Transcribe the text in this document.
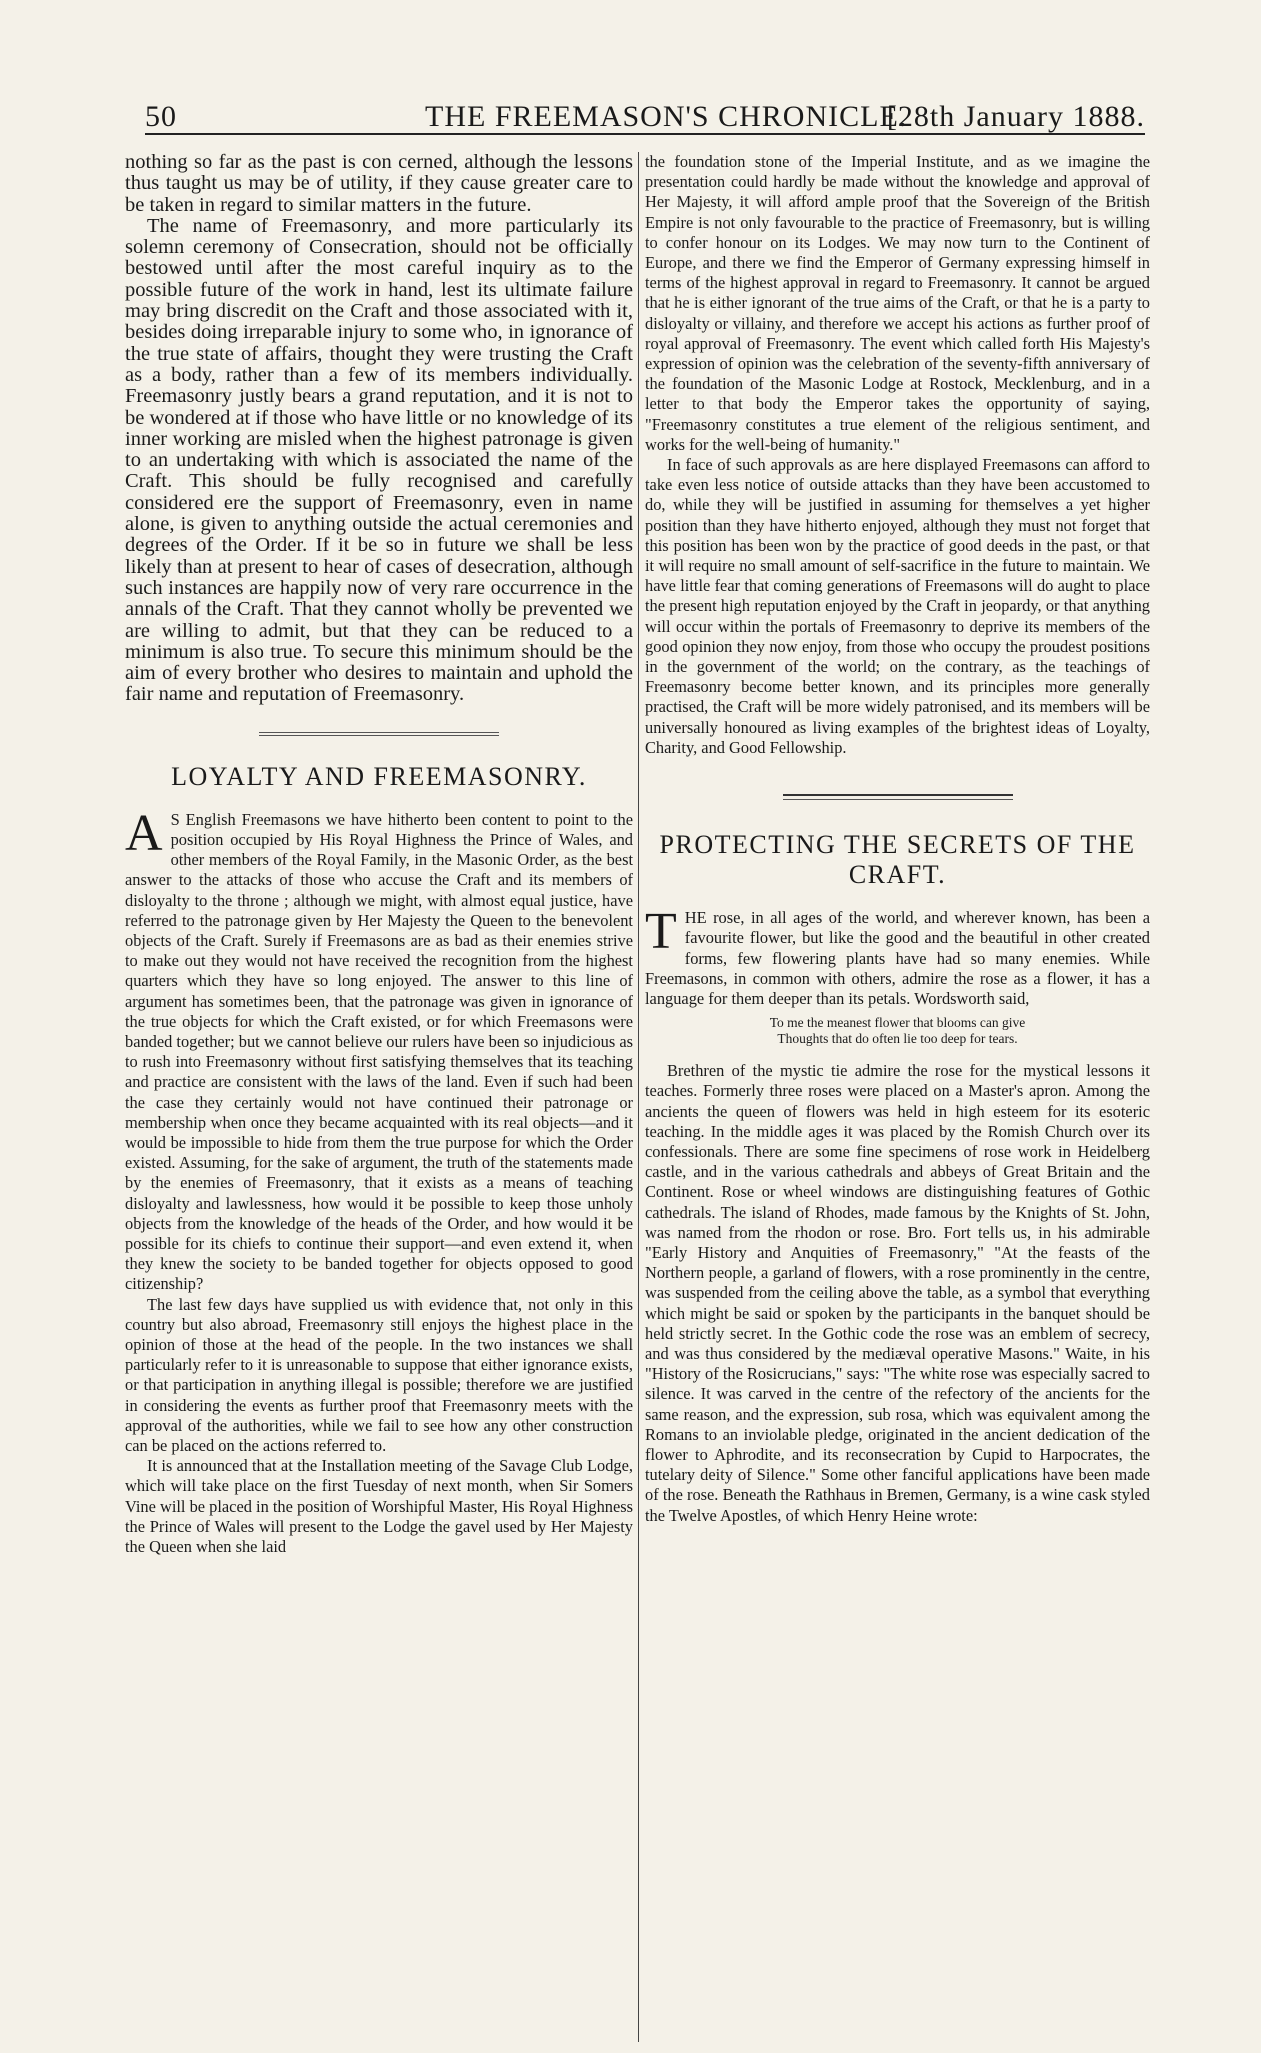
50	THE FREEMASON'S CHRONICLE.
[28th January 1888.

nothing so far as the past is con cerned, although the lessons thus taught us may be of utility, if they cause greater care to be taken in regard to similar matters in the future.

The name of Freemasonry, and more particularly its solemn ceremony of Consecration, should not be officially bestowed until after the most careful inquiry as to the possible future of the work in hand, lest its ultimate failure may bring discredit on the Craft and those associated with it, besides doing irreparable injury to some who, in ignorance of the true state of affairs, thought they were trusting the Craft as a body, rather than a few of its members individually. Freemasonry justly bears a grand reputation, and it is not to be wondered at if those who have little or no knowledge of its inner working are misled when the highest patronage is given to an undertaking with which is associated the name of the Craft. This should be fully recognised and carefully considered ere the support of Freemasonry, even in name alone, is given to anything outside the actual ceremonies and degrees of the Order. If it be so in future we shall be less likely than at present to hear of cases of desecration, although such instances are happily now of very rare occurrence in the annals of the Craft. That they cannot wholly be prevented we are willing to admit, but that they can be reduced to a minimum is also true. To secure this minimum should be the aim of every brother who desires to maintain and uphold the fair name and reputation of Freemasonry.

LOYALTY AND FREEMASONRY.

A S English Freemasons we have hitherto been content to point to the position occupied by His Royal Highness the Prince of Wales, and other members of the Royal Family, in the Masonic Order, as the best answer to the attacks of those who accuse the Craft and its members of disloyalty to the throne ; although we might, with almost equal justice, have referred to the patronage given by Her Majesty the Queen to the benevolent objects of the Craft. Surely if Freemasons are as bad as their enemies strive to make out they would not have received the recognition from the highest quarters which they have so long enjoyed. The answer to this line of argument has sometimes been, that the patronage was given in ignorance of the true objects for which the Craft existed, or for which Freemasons were banded together; but we cannot believe our rulers have been so injudicious as to rush into Freemasonry without first satisfying themselves that its teaching and practice are consistent with the laws of the land. Even if such had been the case they certainly would not have continued their patronage or membership when once they became acquainted with its real objects—and it would be impossible to hide from them the true purpose for which the Order existed. Assuming, for the sake of argument, the truth of the statements made by the enemies of Freemasonry, that it exists as a means of teaching disloyalty and lawlessness, how would it be possible to keep those unholy objects from the knowledge of the heads of the Order, and how would it be possible for its chiefs to continue their support—and even extend it, when they knew the society to be banded together for objects opposed to good citizenship?

The last few days have supplied us with evidence that, not only in this country but also abroad, Freemasonry still enjoys the highest place in the opinion of those at the head of the people. In the two instances we shall particularly refer to it is unreasonable to suppose that either ignorance exists, or that participation in anything illegal is possible; therefore we are justified in considering the events as further proof that Freemasonry meets with the approval of the authorities, while we fail to see how any other construction can be placed on the actions referred to.

It is announced that at the Installation meeting of the Savage Club Lodge, which will take place on the first Tuesday of next month, when Sir Somers Vine will be placed in the position of Worshipful Master, His Royal Highness the Prince of Wales will present to the Lodge the gavel used by Her Majesty the Queen when she laid

the foundation stone of the Imperial Institute, and as we imagine the presentation could hardly be made without the knowledge and approval of Her Majesty, it will afford ample proof that the Sovereign of the British Empire is not only favourable to the practice of Freemasonry, but is willing to confer honour on its Lodges. We may now turn to the Continent of Europe, and there we find the Emperor of Germany expressing himself in terms of the highest approval in regard to Freemasonry. It cannot be argued that he is either ignorant of the true aims of the Craft, or that he is a party to disloyalty or villainy, and therefore we accept his actions as further proof of royal approval of Freemasonry. The event which called forth His Majesty's expression of opinion was the celebration of the seventy-fifth anniversary of the foundation of the Masonic Lodge at Rostock, Mecklenburg, and in a letter to that body the Emperor takes the opportunity of saying, "Freemasonry constitutes a true element of the religious sentiment, and works for the well-being of humanity."

In face of such approvals as are here displayed Freemasons can afford to take even less notice of outside attacks than they have been accustomed to do, while they will be justified in assuming for themselves a yet higher position than they have hitherto enjoyed, although they must not forget that this position has been won by the practice of good deeds in the past, or that it will require no small amount of self-sacrifice in the future to maintain. We have little fear that coming generations of Freemasons will do aught to place the present high reputation enjoyed by the Craft in jeopardy, or that anything will occur within the portals of Freemasonry to deprive its members of the good opinion they now enjoy, from those who occupy the proudest positions in the government of the world; on the contrary, as the teachings of Freemasonry become better known, and its principles more generally practised, the Craft will be more widely patronised, and its members will be universally honoured as living examples of the brightest ideas of Loyalty, Charity, and Good Fellowship.

PROTECTING THE SECRETS OF THE CRAFT.

THE rose, in all ages of the world, and wherever known, has been a favourite flower, but like the good and the beautiful in other created forms, few flowering plants have had so many enemies. While Freemasons, in common with others, admire the rose as a flower, it has a language for them deeper than its petals. Wordsworth said,

To me the meanest flower that blooms can give
Thoughts that do often lie too deep for tears.

Brethren of the mystic tie admire the rose for the mystical lessons it teaches. Formerly three roses were placed on a Master's apron. Among the ancients the queen of flowers was held in high esteem for its esoteric teaching. In the middle ages it was placed by the Romish Church over its confessionals. There are some fine specimens of rose work in Heidelberg castle, and in the various cathedrals and abbeys of Great Britain and the Continent. Rose or wheel windows are distinguishing features of Gothic cathedrals. The island of Rhodes, made famous by the Knights of St. John, was named from the rhodon or rose. Bro. Fort tells us, in his admirable "Early History and Anquities of Freemasonry," "At the feasts of the Northern people, a garland of flowers, with a rose prominently in the centre, was suspended from the ceiling above the table, as a symbol that everything which might be said or spoken by the participants in the banquet should be held strictly secret. In the Gothic code the rose was an emblem of secrecy, and was thus considered by the mediæval operative Masons." Waite, in his "History of the Rosicrucians," says: "The white rose was especially sacred to silence. It was carved in the centre of the refectory of the ancients for the same reason, and the expression, sub rosa, which was equivalent among the Romans to an inviolable pledge, originated in the ancient dedication of the flower to Aphrodite, and its reconsecration by Cupid to Harpocrates, the tutelary deity of Silence." Some other fanciful applications have been made of the rose. Beneath the Rathhaus in Bremen, Germany, is a wine cask styled the Twelve Apostles, of which Henry Heine wrote:
